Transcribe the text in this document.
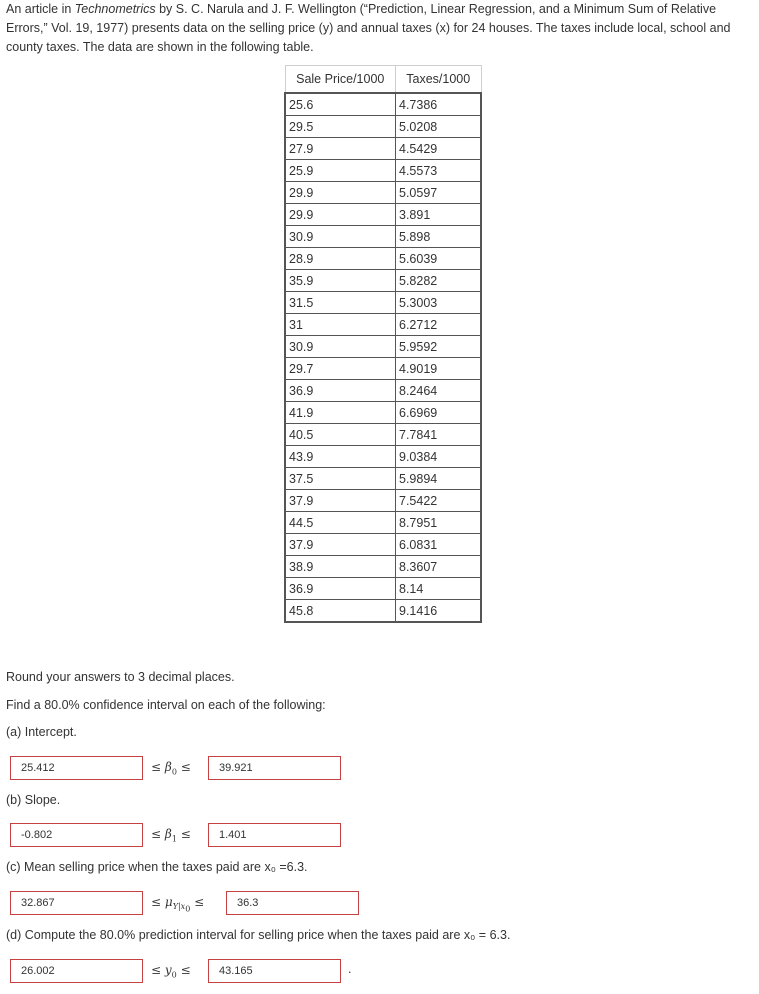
An article in Technometrics by S. C. Narula and J. F. Wellington (“Prediction, Linear Regression, and a Minimum Sum of Relative Errors,” Vol. 19, 1977) presents data on the selling price (y) and annual taxes (x) for 24 houses. The taxes include local, school and county taxes. The data are shown in the following table.
Sale Price/1000	Taxes/1000
25.6	4.7386
29.5	5.0208
27.9	4.5429
25.9	4.5573
29.9	5.0597
29.9	3.891
30.9	5.898
28.9	5.6039
35.9	5.8282
31.5	5.3003
31	6.2712
30.9	5.9592
29.7	4.9019
36.9	8.2464
41.9	6.6969
40.5	7.7841
43.9	9.0384
37.5	5.9894
37.9	7.5422
44.5	8.7951
37.9	6.0831
38.9	8.3607
36.9	8.14
45.8	9.1416
Round your answers to 3 decimal places.
Find a 80.0% confidence interval on each of the following:
(a) Intercept.
25.412	≤ $\beta_0$ ≤	39.921
(b) Slope.
-0.802	≤ $\beta_1$ ≤	1.401
(c) Mean selling price when the taxes paid are x₀ =6.3.
32.867	≤ $\mu_{Y|x_0}$ ≤	36.3
(d) Compute the 80.0% prediction interval for selling price when the taxes paid are x₀ = 6.3.
26.002	≤ $y_0$ ≤	43.165	.
